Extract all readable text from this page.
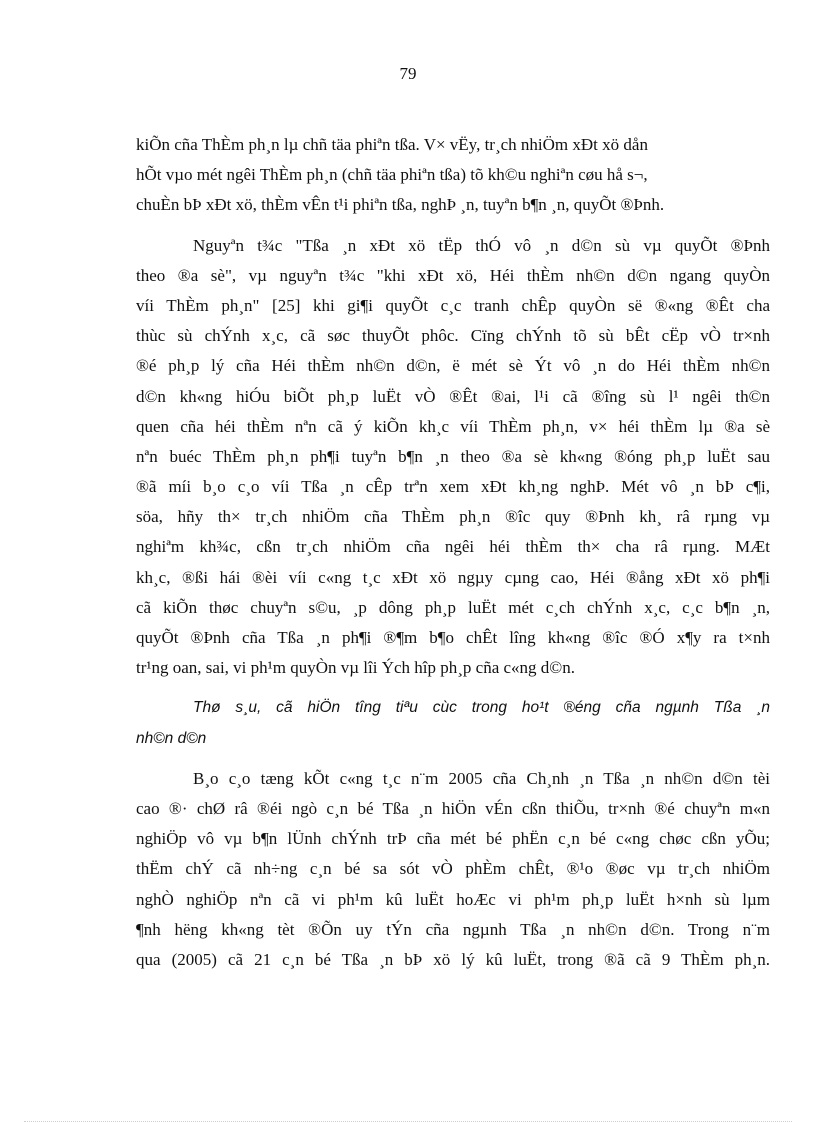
79
kiÕn cña ThÈm ph¸n lµ chñ täa phiªn tßa. V× vËy, tr¸ch nhiÖm xÐt xö dån
hÕt vµo mét ngêi ThÈm ph¸n (chñ täa phiªn tßa) tõ kh©u nghiªn cøu hå s¬,
chuÈn bÞ xÐt xö, thÈm vÊn t¹i phiªn tßa, nghÞ ¸n, tuyªn b¶n ¸n, quyÕt ®Þnh.
Nguyªn t¾c "Tßa ¸n xÐt xö tËp thÓ vô ¸n d©n sù vµ quyÕt ®Þnh
theo ®a sè", vµ nguyªn t¾c "khi xÐt xö, Héi thÈm nh©n d©n ngang quyÒn
víi ThÈm ph¸n" [25] khi gi¶i quyÕt c¸c tranh chÊp quyÒn së ®«ng ®Êt cha
thùc sù chÝnh x¸c, cã søc thuyÕt phôc. Cïng chÝnh tõ sù bÊt cËp vÒ tr×nh
®é ph¸p lý cña Héi thÈm nh©n d©n, ë mét sè Ýt vô ¸n do Héi thÈm nh©n
d©n kh«ng hiÓu biÕt ph¸p luËt vÒ ®Êt ®ai, l¹i cã ®îng sù l¹ ngêi th©n
quen cña héi thÈm nªn cã ý kiÕn kh¸c víi ThÈm ph¸n, v× héi thÈm lµ ®a sè
nªn buéc ThÈm ph¸n ph¶i tuyªn b¶n ¸n theo ®a sè kh«ng ®óng ph¸p luËt sau
®ã míi b¸o c¸o víi Tßa ¸n cÊp trªn xem xÐt kh¸ng nghÞ. Mét vô ¸n bÞ c¶i,
söa, hñy th× tr¸ch nhiÖm cña ThÈm ph¸n ®îc quy ®Þnh kh¸ râ rµng vµ
nghiªm kh¾c, cßn tr¸ch nhiÖm cña ngêi héi thÈm th× cha râ rµng. MÆt
kh¸c, ®ßi hái ®èi víi c«ng t¸c xÐt xö ngµy cµng cao, Héi ®ång xÐt xö ph¶i
cã kiÕn thøc chuyªn s©u, ¸p dông ph¸p luËt mét c¸ch chÝnh x¸c, c¸c b¶n ¸n,
quyÕt ®Þnh cña Tßa ¸n ph¶i ®¶m b¶o chÊt lîng kh«ng ®îc ®Ó x¶y ra t×nh
tr¹ng oan, sai, vi ph¹m quyÒn vµ lîi Ých hîp ph¸p cña c«ng d©n.
Thø s¸u, cã hiÖn tîng tiªu cùc trong ho¹t ®éng cña ngµnh Tßa ¸n
nh©n d©n
B¸o c¸o tæng kÕt c«ng t¸c n¨m 2005 cña Ch¸nh ¸n Tßa ¸n nh©n d©n tèi
cao ®· chØ râ ®éi ngò c¸n bé Tßa ¸n hiÖn vÉn cßn thiÕu, tr×nh ®é chuyªn m«n
nghiÖp vô vµ b¶n lÜnh chÝnh trÞ cña mét bé phËn c¸n bé c«ng chøc cßn yÕu;
thËm chÝ cã nh÷ng c¸n bé sa sót vÒ phÈm chÊt, ®¹o ®øc vµ tr¸ch nhiÖm
nghÒ nghiÖp nªn cã vi ph¹m kû luËt hoÆc vi ph¹m ph¸p luËt h×nh sù lµm
¶nh hëng kh«ng tèt ®Õn uy tÝn cña ngµnh Tßa ¸n nh©n d©n. Trong n¨m
qua (2005) cã 21 c¸n bé Tßa ¸n bÞ xö lý kû luËt, trong ®ã cã 9 ThÈm ph¸n.
